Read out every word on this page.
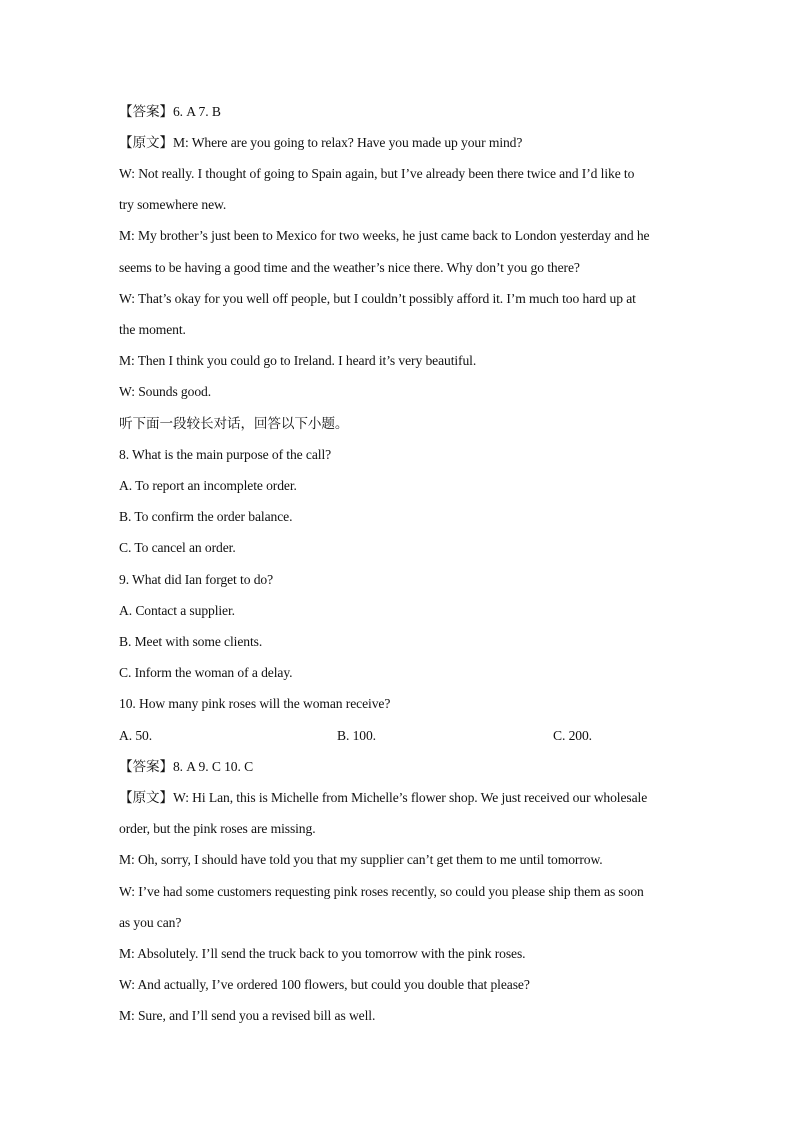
【答案】6. A 7. B
【原文】M: Where are you going to relax? Have you made up your mind?
W: Not really. I thought of going to Spain again, but I’ve already been there twice and I’d like to
try somewhere new.
M: My brother’s just been to Mexico for two weeks, he just came back to London yesterday and he
seems to be having a good time and the weather’s nice there. Why don’t you go there?
W: That’s okay for you well off people, but I couldn’t possibly afford it. I’m much too hard up at
the moment.
M: Then I think you could go to Ireland. I heard it’s very beautiful.
W: Sounds good.
听下面一段较长对话，回答以下小题。
8. What is the main purpose of the call?
A. To report an incomplete order.
B. To confirm the order balance.
C. To cancel an order.
9. What did Ian forget to do?
A. Contact a supplier.
B. Meet with some clients.
C. Inform the woman of a delay.
10. How many pink roses will the woman receive?
A. 50.	B. 100.	C. 200.
【答案】8. A 9. C 10. C
【原文】W: Hi Lan, this is Michelle from Michelle’s flower shop. We just received our wholesale
order, but the pink roses are missing.
M: Oh, sorry, I should have told you that my supplier can’t get them to me until tomorrow.
W: I’ve had some customers requesting pink roses recently, so could you please ship them as soon
as you can?
M: Absolutely. I’ll send the truck back to you tomorrow with the pink roses.
W: And actually, I’ve ordered 100 flowers, but could you double that please?
M: Sure, and I’ll send you a revised bill as well.
